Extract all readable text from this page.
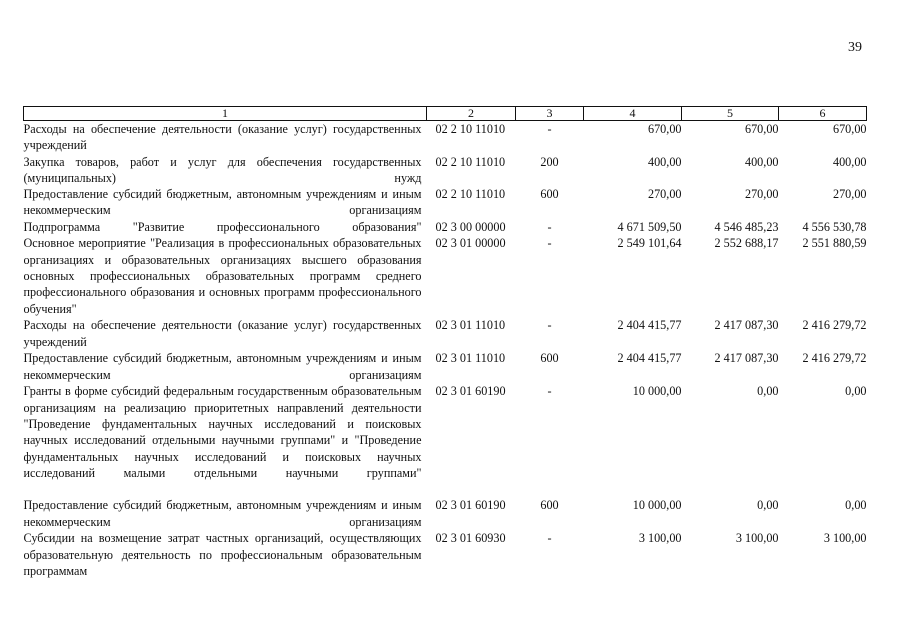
39
1	2	3	4	5	6
Расходы на обеспечение деятельности (оказание услуг) государственных учреждений	02 2 10 11010	-	670,00	670,00	670,00
Закупка товаров, работ и услуг для обеспечения государственных (муниципальных) нужд	02 2 10 11010	200	400,00	400,00	400,00
Предоставление субсидий бюджетным, автономным учреждениям и иным некоммерческим организациям	02 2 10 11010	600	270,00	270,00	270,00
Подпрограмма "Развитие профессионального образования"	02 3 00 00000	-	4 671 509,50	4 546 485,23	4 556 530,78
Основное мероприятие "Реализация в профессиональных образовательных организациях и образовательных организациях высшего образования основных профессиональных образовательных программ среднего профессионального образования и основных программ профессионального обучения"	02 3 01 00000	-	2 549 101,64	2 552 688,17	2 551 880,59
Расходы на обеспечение деятельности (оказание услуг) государственных учреждений	02 3 01 11010	-	2 404 415,77	2 417 087,30	2 416 279,72
Предоставление субсидий бюджетным, автономным учреждениям и иным некоммерческим организациям	02 3 01 11010	600	2 404 415,77	2 417 087,30	2 416 279,72
Гранты в форме субсидий федеральным государственным образовательным организациям на реализацию приоритетных направлений деятельности "Проведение фундаментальных научных исследований и поисковых научных исследований отдельными научными группами" и "Проведение фундаментальных научных исследований и поисковых научных исследований малыми отдельными научными группами"	02 3 01 60190	-	10 000,00	0,00	0,00
Предоставление субсидий бюджетным, автономным учреждениям и иным некоммерческим организациям	02 3 01 60190	600	10 000,00	0,00	0,00
Субсидии на возмещение затрат частных организаций, осуществляющих образовательную деятельность по профессиональным образовательным программам	02 3 01 60930	-	3 100,00	3 100,00	3 100,00
